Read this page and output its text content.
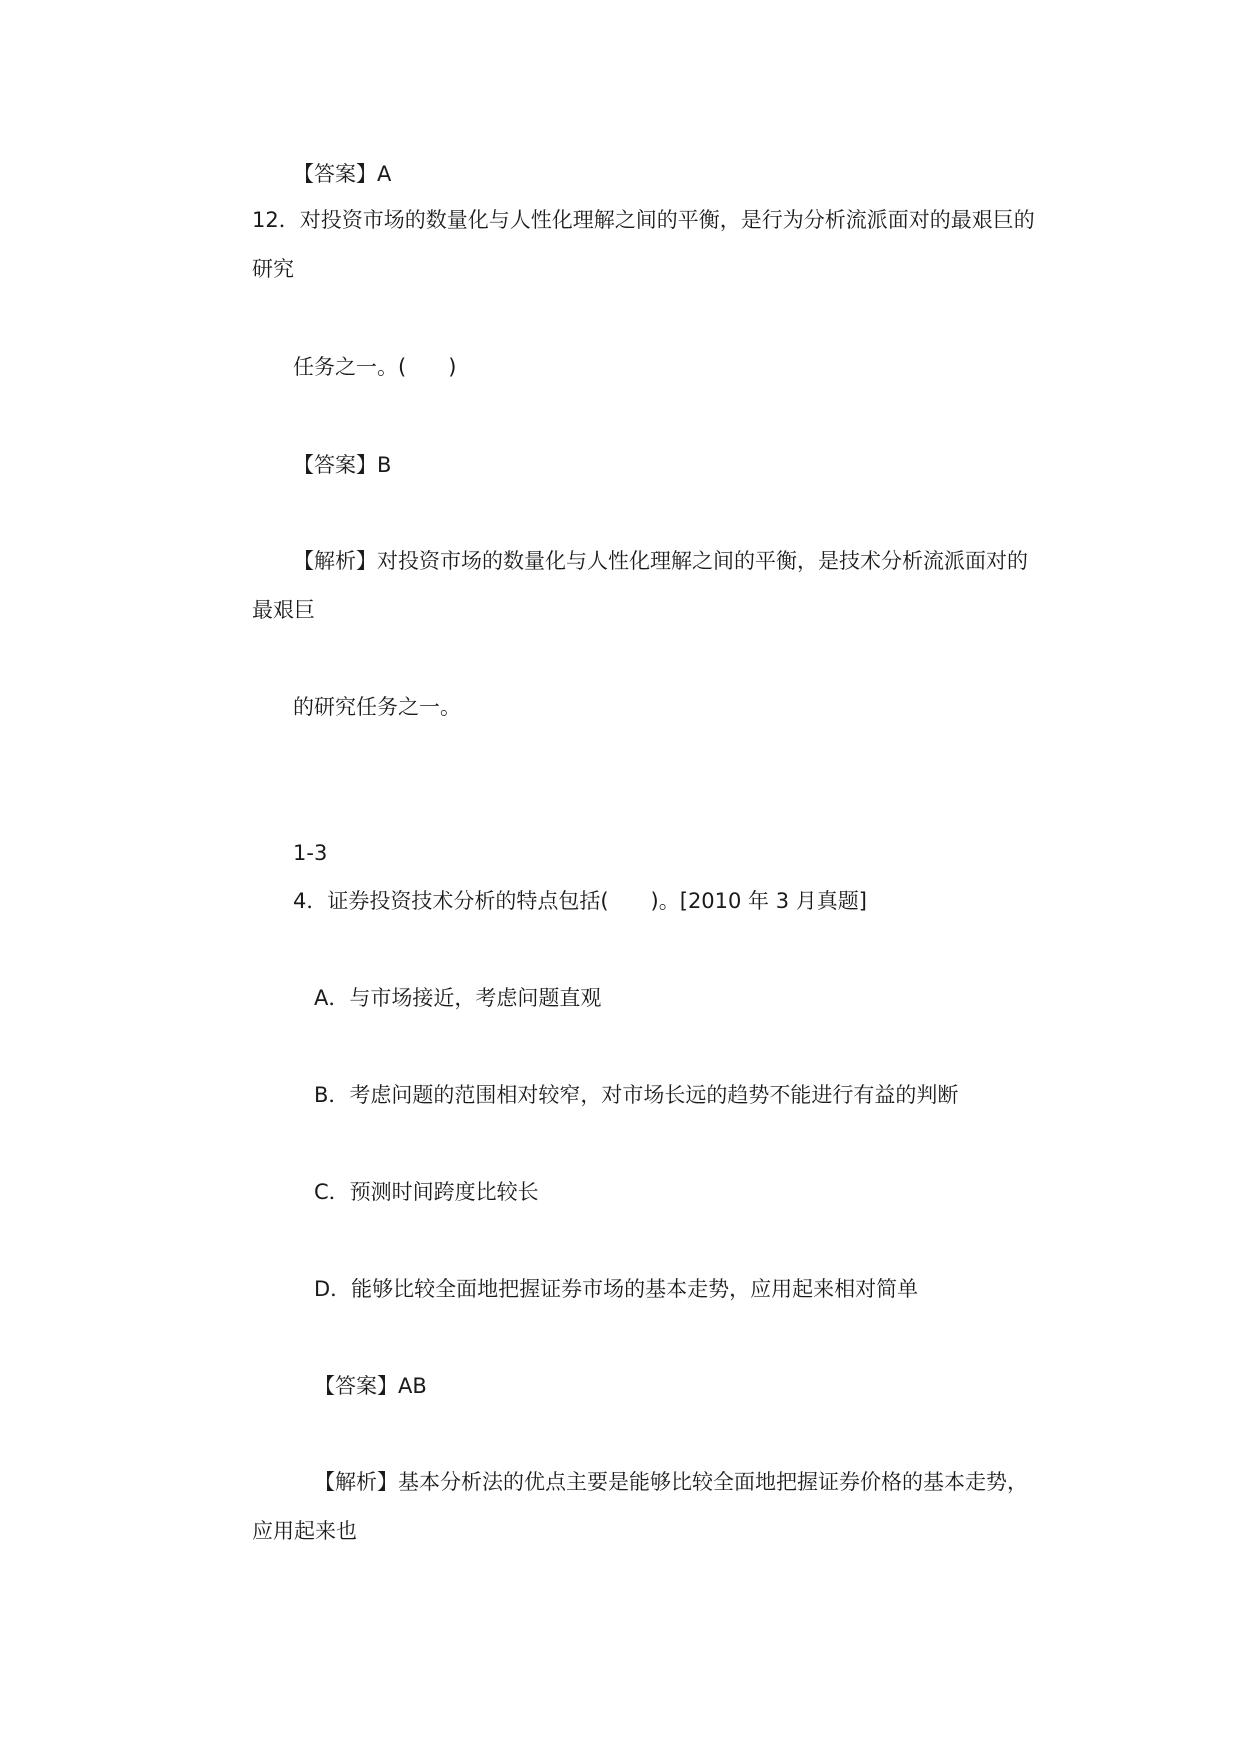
【答案】A
12．对投资市场的数量化与人性化理解之间的平衡，是行为分析流派面对的最艰巨的
研究
任务之一。(　　)
【答案】B
【解析】对投资市场的数量化与人性化理解之间的平衡，是技术分析流派面对的
最艰巨
的研究任务之一。
1-3
4．证券投资技术分析的特点包括(　　)。[2010 年 3 月真题]
A．与市场接近，考虑问题直观
B．考虑问题的范围相对较窄，对市场长远的趋势不能进行有益的判断
C．预测时间跨度比较长
D．能够比较全面地把握证券市场的基本走势，应用起来相对简单
【答案】AB
【解析】基本分析法的优点主要是能够比较全面地把握证券价格的基本走势，
应用起来也
